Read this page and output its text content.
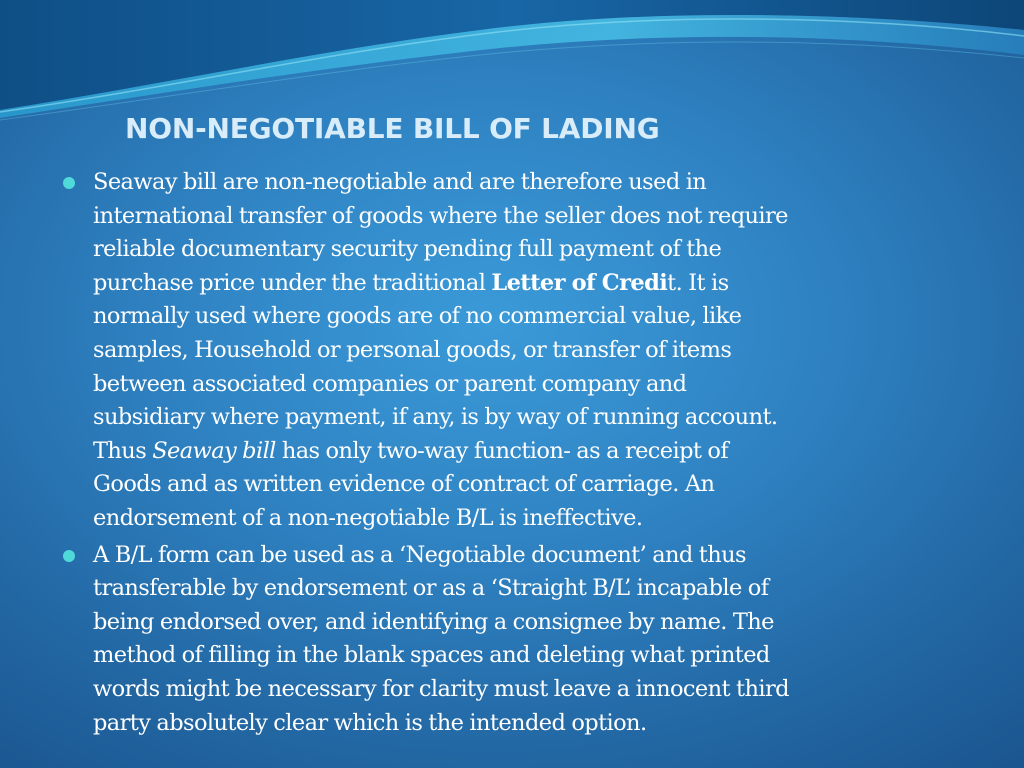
NON-NEGOTIABLE BILL OF LADING
Seaway bill are non-negotiable and are therefore used in
international transfer of goods where the seller does not require
reliable documentary security pending full payment of the
purchase price under the traditional Letter of Credit. It is
normally used where goods are of no commercial value, like
samples, Household or personal goods, or transfer of items
between associated companies or parent company and
subsidiary where payment, if any, is by way of running account.
Thus Seaway bill has only two-way function- as a receipt of
Goods and as written evidence of contract of carriage. An
endorsement of a non-negotiable B/L is ineffective.
A B/L form can be used as a ‘Negotiable document’ and thus
transferable by endorsement or as a ‘Straight B/L’ incapable of
being endorsed over, and identifying a consignee by name. The
method of filling in the blank spaces and deleting what printed
words might be necessary for clarity must leave a innocent third
party absolutely clear which is the intended option.
